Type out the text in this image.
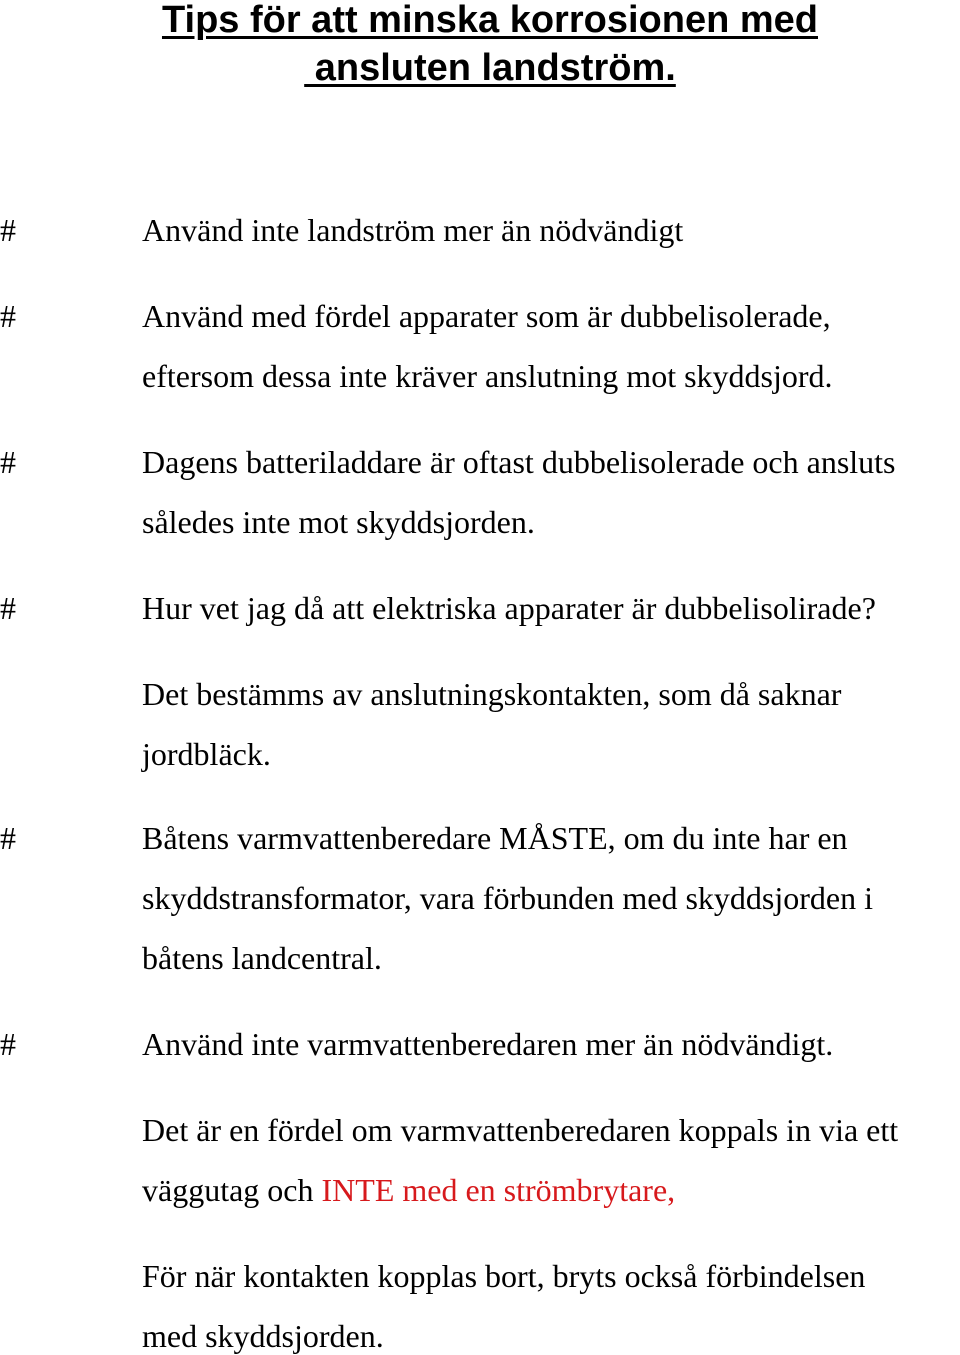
Tips för att minska korrosionen med
ansluten landström.
#	Använd inte landström mer än nödvändigt
#	Använd med fördel apparater som är dubbelisolerade,
eftersom dessa inte kräver anslutning mot skyddsjord.
#	Dagens batteriladdare är oftast dubbelisolerade och ansluts
således inte mot skyddsjorden.
#	Hur vet jag då att elektriska apparater är dubbelisolirade?
Det bestämms av anslutningskontakten, som då saknar
jordbläck.
#	Båtens varmvattenberedare MÅSTE, om du inte har en
skyddstransformator, vara förbunden med skyddsjorden i
båtens landcentral.
#	Använd inte varmvattenberedaren mer än nödvändigt.
Det är en fördel om varmvattenberedaren koppals in via ett
väggutag och INTE med en strömbrytare,
För när kontakten kopplas bort, bryts också förbindelsen
med skyddsjorden.
